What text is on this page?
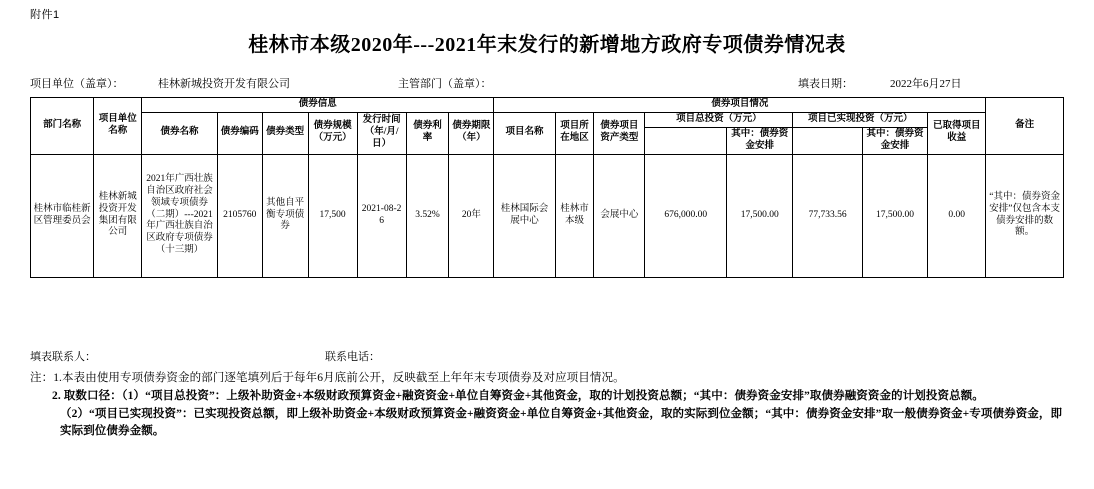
附件1
桂林市本级2020年---2021年末发行的新增地方政府专项债券情况表
项目单位（盖章）：	桂林新城投资开发有限公司	主管部门（盖章）：	填表日期：	2022年6月27日
部门名称	项目单位名称	债券信息							债券项目情况								备注
		债券名称	债券编码	债券类型	债券规模（万元）	发行时间（年/月/日）	债券利率	债券期限（年）	项目名称	项目所在地区	债券项目资产类型	项目总投资（万元）		项目已实现投资（万元）		已取得项目收益	
													其中：债券资金安排		其中：债券资金安排		
桂林市临桂新区管理委员会	桂林新城投资开发集团有限公司	2021年广西壮族自治区政府社会领域专项债券（二期）---2021年广西壮族自治区政府专项债券（十三期）	2105760	其他自平衡专项债券	17,500	2021-08-26	3.52%	20年	桂林国际会展中心	桂林市本级	会展中心	676,000.00	17,500.00	77,733.56	17,500.00	0.00	“其中：债券资金安排”仅包含本支债券安排的数额。
填表联系人：	联系电话：
注：1.本表由使用专项债券资金的部门逐笔填列后于每年6月底前公开，反映截至上年年末专项债券及对应项目情况。
2. 取数口径：（1）“项目总投资”：上级补助资金+本级财政预算资金+融资资金+单位自筹资金+其他资金，取的计划投资总额；“其中：债券资金安排”取债券融资资金的计划投资总额。
（2）“项目已实现投资”：已实现投资总额，即上级补助资金+本级财政预算资金+融资资金+单位自筹资金+其他资金，取的实际到位金额；“其中：债券资金安排”取一般债券资金+专项债券资金，即实际到位债券金额。
